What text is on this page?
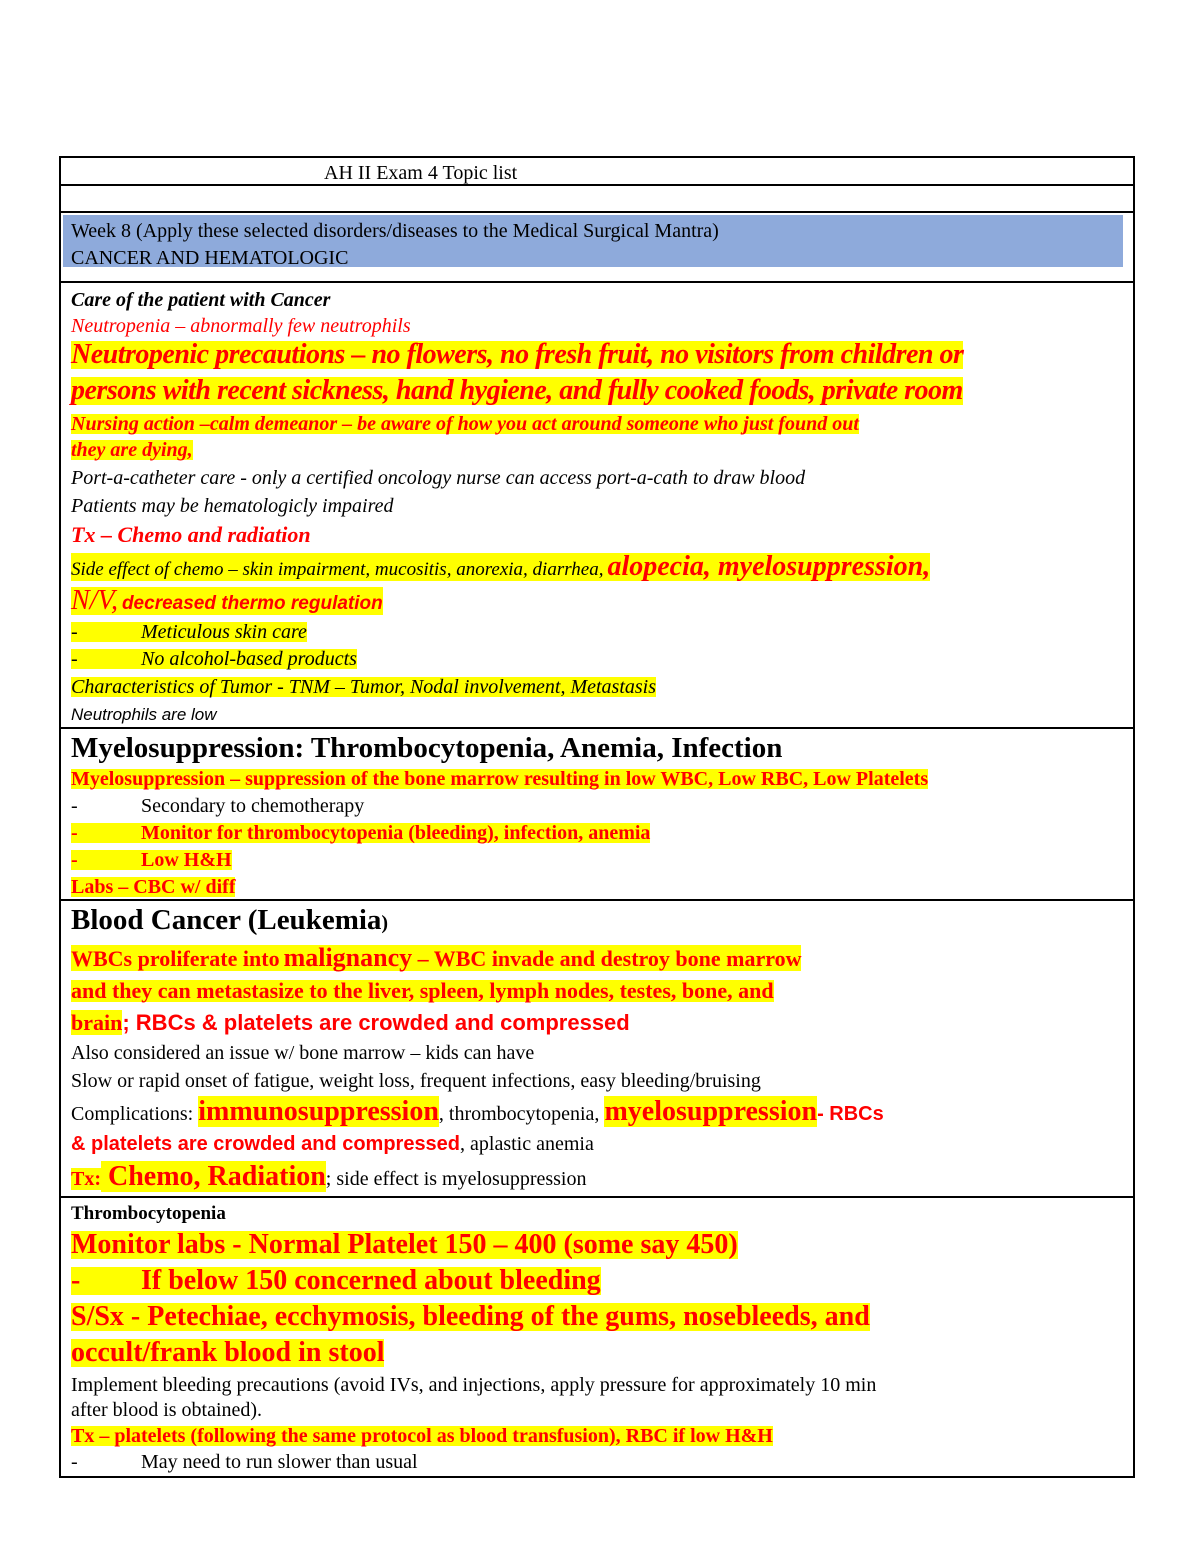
AH II Exam 4 Topic list
Week 8 (Apply these selected disorders/diseases to the Medical Surgical Mantra)
CANCER AND HEMATOLOGIC
Care of the patient with Cancer
Neutropenia – abnormally few neutrophils
Neutropenic precautions – no flowers, no fresh fruit, no visitors from children or
persons with recent sickness, hand hygiene, and fully cooked foods, private room
Nursing action –calm demeanor – be aware of how you act around someone who just found out
they are dying,
Port-a-catheter care - only a certified oncology nurse can access port-a-cath to draw blood
Patients may be hematologicly impaired
Tx – Chemo and radiation
Side effect of chemo – skin impairment, mucositis, anorexia, diarrhea, alopecia, myelosuppression,
N/V, decreased thermo regulation
-	Meticulous skin care
-	No alcohol-based products
Characteristics of Tumor - TNM – Tumor, Nodal involvement, Metastasis
Neutrophils are low
Myelosuppression: Thrombocytopenia, Anemia, Infection
Myelosuppression – suppression of the bone marrow resulting in low WBC, Low RBC, Low Platelets
-	Secondary to chemotherapy
-	Monitor for thrombocytopenia (bleeding), infection, anemia
-	Low H&H
Labs – CBC w/ diff
Blood Cancer (Leukemia)
WBCs proliferate into malignancy – WBC invade and destroy bone marrow
and they can metastasize to the liver, spleen, lymph nodes, testes, bone, and
brain; RBCs & platelets are crowded and compressed
Also considered an issue w/ bone marrow – kids can have
Slow or rapid onset of fatigue, weight loss, frequent infections, easy bleeding/bruising
Complications: immunosuppression, thrombocytopenia, myelosuppression- RBCs
& platelets are crowded and compressed, aplastic anemia
Tx: Chemo, Radiation; side effect is myelosuppression
Thrombocytopenia
Monitor labs - Normal Platelet 150 – 400 (some say 450)
- If below 150 concerned about bleeding
S/Sx - Petechiae, ecchymosis, bleeding of the gums, nosebleeds, and
occult/frank blood in stool
Implement bleeding precautions (avoid IVs, and injections, apply pressure for approximately 10 min
after blood is obtained).
Tx – platelets (following the same protocol as blood transfusion), RBC if low H&H
-	May need to run slower than usual
